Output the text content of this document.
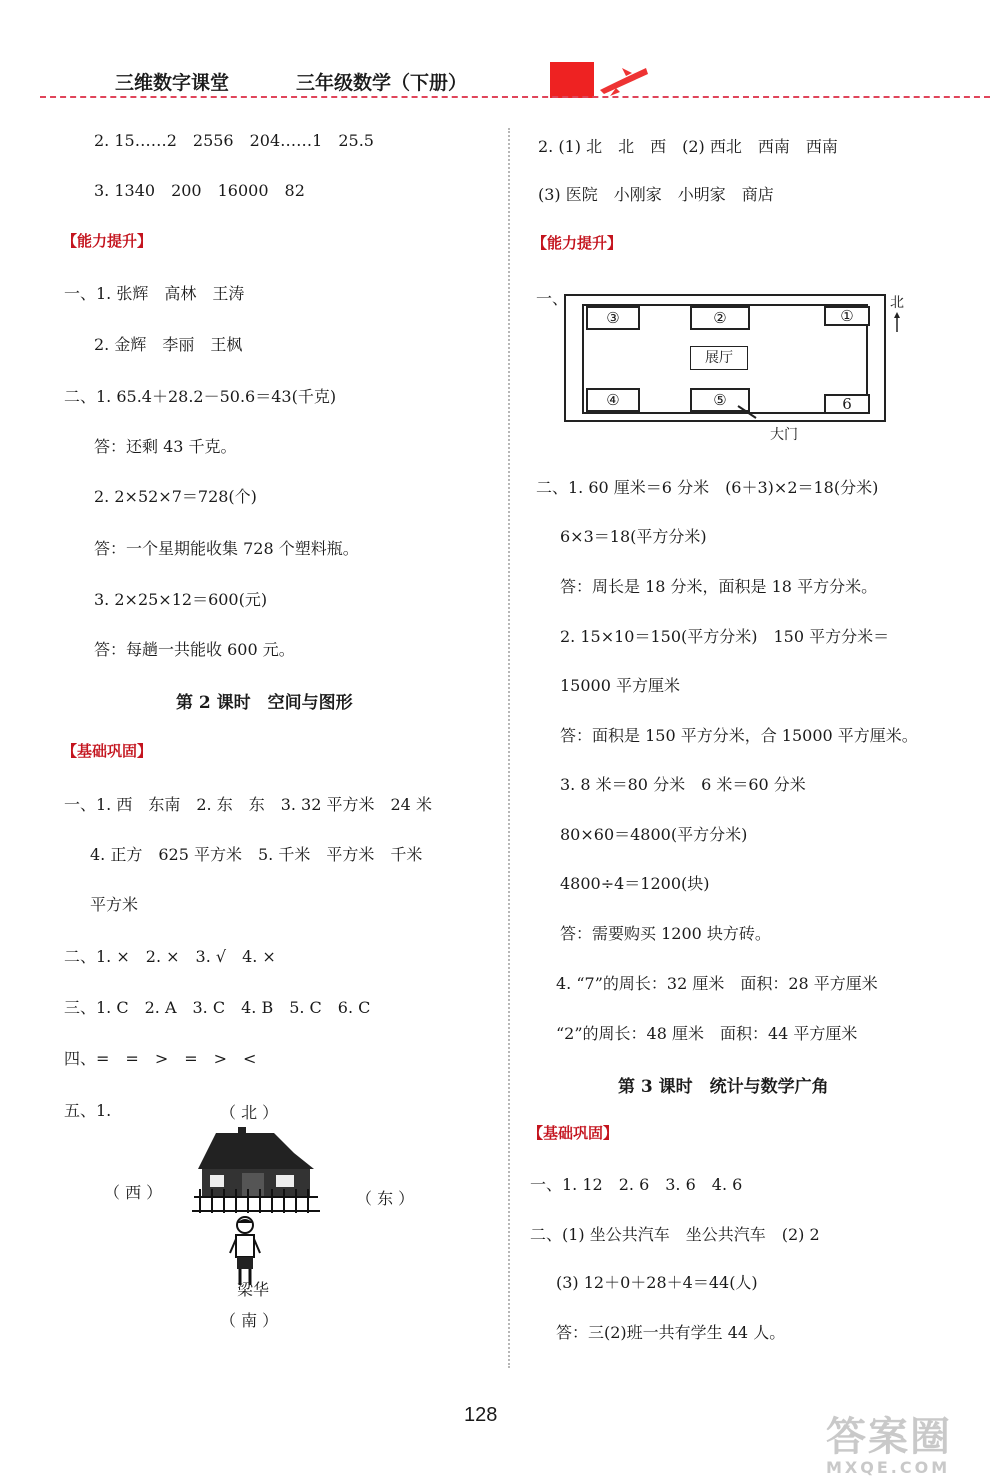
三维数字课堂	三年级数学（下册）
2. 15……2　2556　204……1　25.5
3. 1340　200　16000　82
【能力提升】
一、1. 张辉　高林　王涛
2. 金辉　李丽　王枫
二、1. 65.4＋28.2－50.6＝43(千克)
答：还剩 43 千克。
2. 2×52×7＝728(个)
答：一个星期能收集 728 个塑料瓶。
3. 2×25×12＝600(元)
答：每趟一共能收 600 元。
第 2 课时　空间与图形
【基础巩固】
一、1. 西　东南　2. 东　东　3. 32 平方米　24 米
4. 正方　625 平方米　5. 千米　平方米　千米
平方米
二、1. ×　2. ×　3. √　4. ×
三、1. C　2. A　3. C　4. B　5. C　6. C
四、=　=　>　=　>　<
五、1.	（ 北 ）
（ 西 ）	（ 东 ）
（ 南 ）
梁华
2. (1) 北　北　西　(2) 西北　西南　西南
(3) 医院　小刚家　小明家　商店
【能力提升】
一、
③	②	①
展厅
④	⑤	6
大门
北
二、1. 60 厘米＝6 分米　(6＋3)×2＝18(分米)
6×3＝18(平方分米)
答：周长是 18 分米，面积是 18 平方分米。
2. 15×10＝150(平方分米)　150 平方分米＝
15000 平方厘米
答：面积是 150 平方分米，合 15000 平方厘米。
3. 8 米＝80 分米　6 米＝60 分米
80×60＝4800(平方分米)
4800÷4＝1200(块)
答：需要购买 1200 块方砖。
4. “7”的周长：32 厘米　面积：28 平方厘米
“2”的周长：48 厘米　面积：44 平方厘米
第 3 课时　统计与数学广角
【基础巩固】
一、1. 12　2. 6　3. 6　4. 6
二、(1) 坐公共汽车　坐公共汽车　(2) 2
(3) 12＋0＋28＋4＝44(人)
答：三(2)班一共有学生 44 人。
128	答案圈
MXQE.COM
